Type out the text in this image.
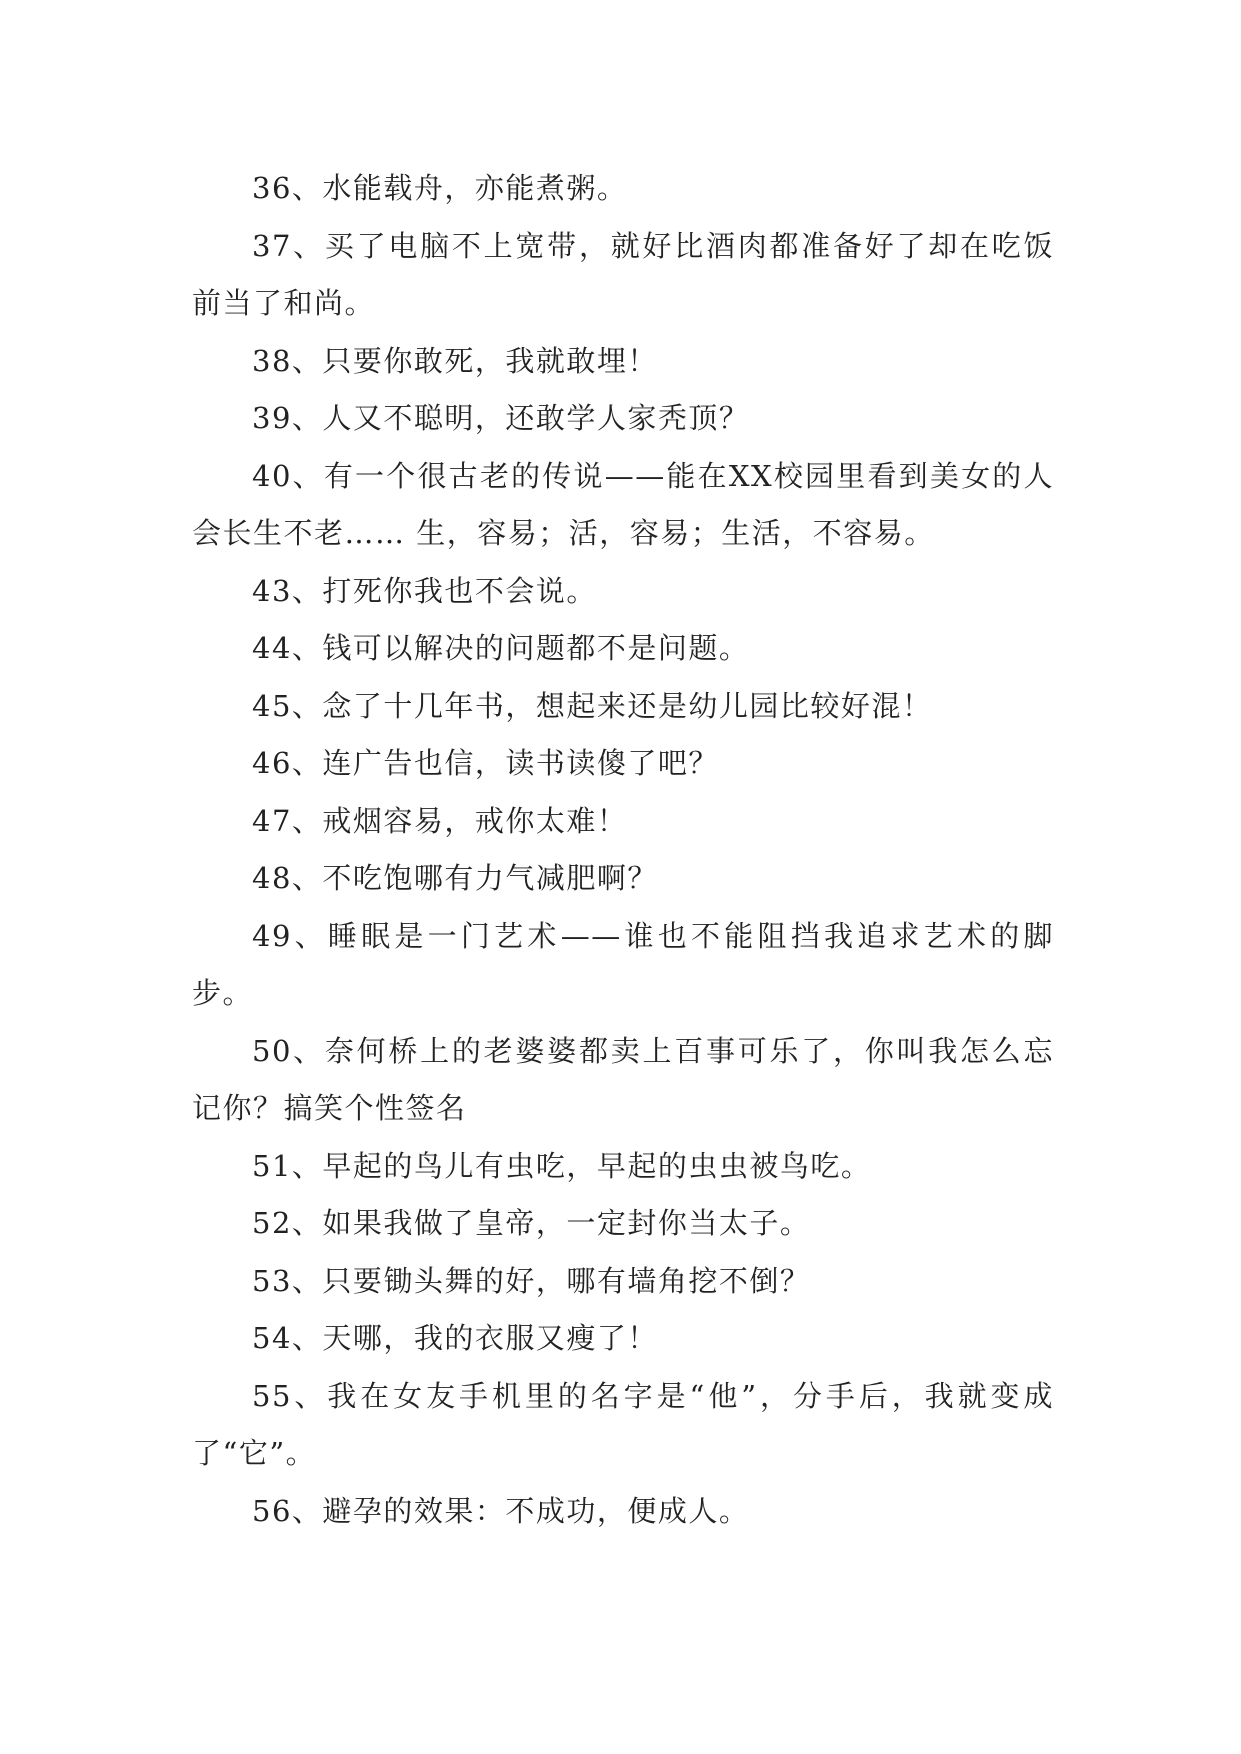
36、水能载舟，亦能煮粥。

37、买了电脑不上宽带，就好比酒肉都准备好了却在吃饭前当了和尚。

38、只要你敢死，我就敢埋！

39、人又不聪明，还敢学人家秃顶？

40、有一个很古老的传说——能在XX校园里看到美女的人会长生不老…… 生，容易；活，容易；生活，不容易。

43、打死你我也不会说。

44、钱可以解决的问题都不是问题。

45、念了十几年书，想起来还是幼儿园比较好混！

46、连广告也信，读书读傻了吧？

47、戒烟容易，戒你太难！

48、不吃饱哪有力气减肥啊？

49、睡眠是一门艺术——谁也不能阻挡我追求艺术的脚步。

50、奈何桥上的老婆婆都卖上百事可乐了，你叫我怎么忘记你？搞笑个性签名

51、早起的鸟儿有虫吃，早起的虫虫被鸟吃。

52、如果我做了皇帝，一定封你当太子。

53、只要锄头舞的好，哪有墙角挖不倒？

54、天哪，我的衣服又瘦了！

55、我在女友手机里的名字是“他”，分手后，我就变成了“它”。

56、避孕的效果：不成功，便成人。
